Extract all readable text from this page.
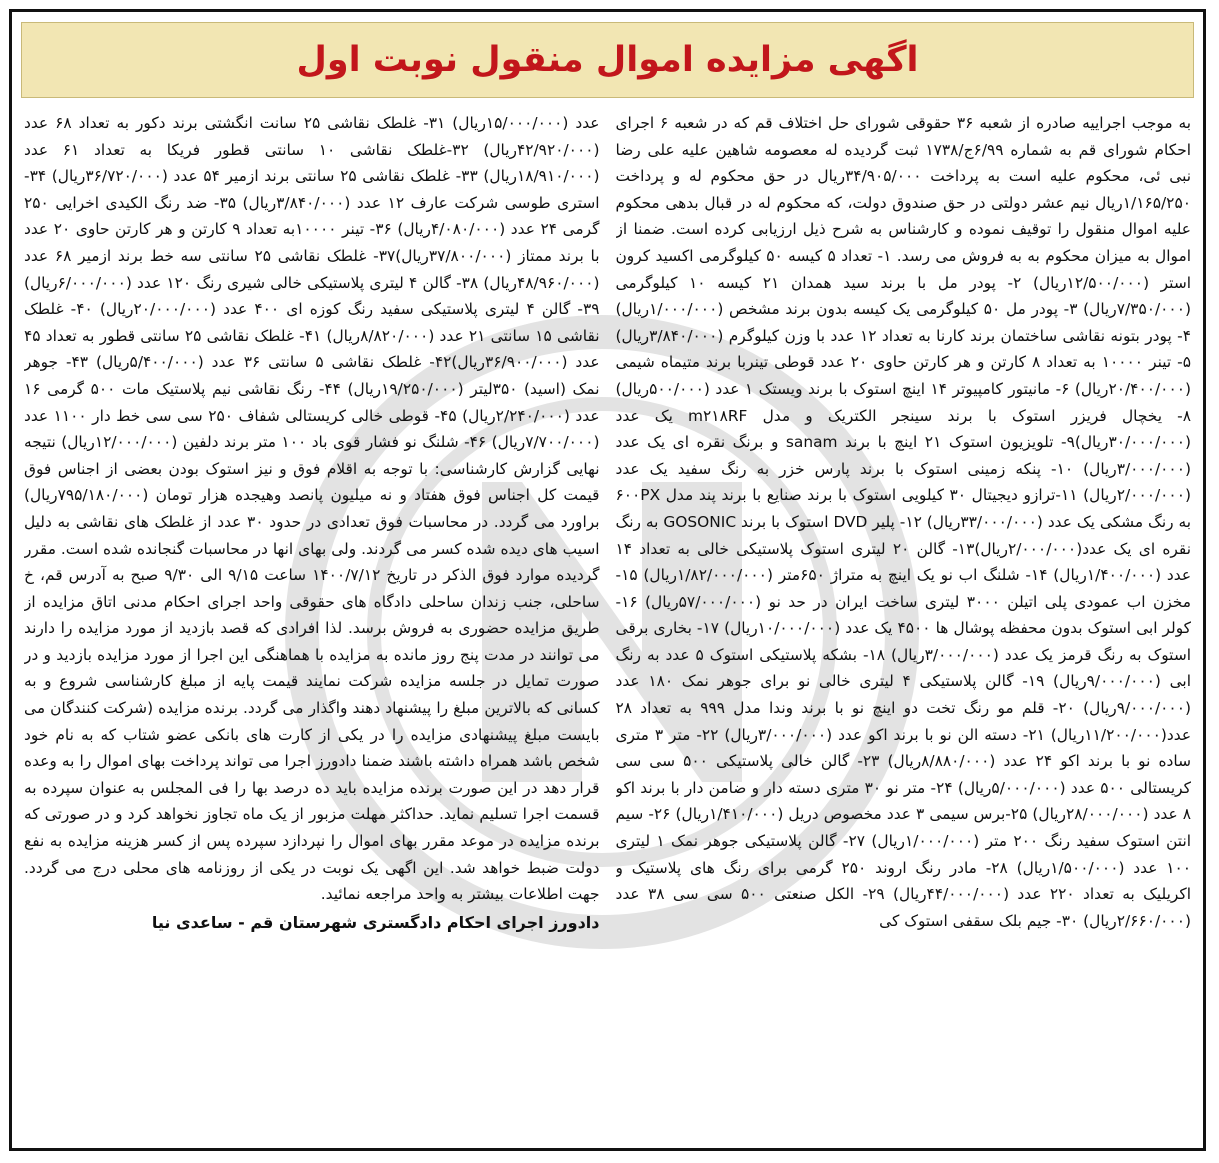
اگهی مزایده اموال منقول نوبت اول

به موجب اجراییه صادره از شعبه ۳۶ حقوقی شورای حل اختلاف قم که در شعبه ۶ اجرای احکام شورای قم به شماره ۶/۹۹ج/۱۷۳۸ ثبت گردیده له معصومه شاهین علیه علی رضا نبی ئی، محکوم علیه است به پرداخت ۳۴/۹۰۵/۰۰۰ریال در حق محکوم له و پرداخت ۱/۱۶۵/۲۵۰ریال نیم عشر دولتی در حق صندوق دولت، که محکوم له در قبال بدهی محکوم علیه اموال منقول را توقیف نموده و کارشناس به شرح ذیل ارزیابی کرده است. ضمنا از اموال به میزان محکوم به به فروش می رسد. ۱- تعداد ۵ کیسه ۵۰ کیلوگرمی اکسید کرون استر (۱۲/۵۰۰/۰۰۰ریال) ۲- پودر مل با برند سید همدان ۲۱ کیسه ۱۰ کیلوگرمی (۷/۳۵۰/۰۰۰ریال) ۳- پودر مل ۵۰ کیلوگرمی یک کیسه بدون برند مشخص (۱/۰۰۰/۰۰۰ریال) ۴- پودر بتونه نقاشی ساختمان برند کارنا به تعداد ۱۲ عدد با وزن کیلوگرم (۳/۸۴۰/۰۰۰ریال) ۵- تینر ۱۰۰۰۰ به تعداد ۸ کارتن و هر کارتن حاوی ۲۰ عدد قوطی تینربا برند متیماه شیمی (۲۰/۴۰۰/۰۰۰ریال) ۶- مانیتور کامپیوتر ۱۴ اینچ استوک با برند ویستک ۱ عدد (۵۰۰/۰۰۰ریال) ۸- یخچال فریزر استوک با برند سینجر الکتریک و مدل m۲۱۸RF یک عدد (۳۰/۰۰۰/۰۰۰ریال)۹- تلویزیون استوک ۲۱ اینچ با برند sanam و برنگ نقره ای یک عدد (۳/۰۰۰/۰۰۰ریال) ۱۰- پنکه زمینی استوک با برند پارس خزر به رنگ سفید یک عدد (۲/۰۰۰/۰۰۰ریال) ۱۱-ترازو دیجیتال ۳۰ کیلویی استوک با برند صنایع با برند پند مدل ۶۰۰PX به رنگ مشکی یک عدد (۳۳/۰۰۰/۰۰۰ریال) ۱۲- پلیر DVD استوک با برند GOSONIC به رنگ نقره ای یک عدد(۲/۰۰۰/۰۰۰ریال)۱۳- گالن ۲۰ لیتری استوک پلاستیکی خالی به تعداد ۱۴ عدد (۱/۴۰۰/۰۰۰ریال) ۱۴- شلنگ اب نو یک اینچ به متراژ ۶۵۰متر (۱/۸۲/۰۰۰/۰۰۰ریال) ۱۵- مخزن اب عمودی پلی اتیلن ۳۰۰۰ لیتری ساخت ایران در حد نو (۵۷/۰۰۰/۰۰۰ریال) ۱۶- کولر ابی استوک بدون محفظه پوشال ها ۴۵۰۰ یک عدد (۱۰/۰۰۰/۰۰۰ریال) ۱۷- بخاری برقی استوک به رنگ قرمز یک عدد (۳/۰۰۰/۰۰۰ریال) ۱۸- بشکه پلاستیکی استوک ۵ عدد به رنگ ابی (۹/۰۰۰/۰۰۰ریال) ۱۹- گالن پلاستیکی ۴ لیتری خالی نو برای جوهر نمک ۱۸۰ عدد (۹/۰۰۰/۰۰۰ریال) ۲۰- قلم مو رنگ تخت دو اینچ نو با برند وندا مدل ۹۹۹ به تعداد ۲۸ عدد(۱۱/۲۰۰/۰۰۰ریال) ۲۱- دسته الن نو با برند اکو عدد (۳/۰۰۰/۰۰۰ریال) ۲۲- متر ۳ متری ساده نو با برند اکو ۲۴ عدد (۸/۸۸۰/۰۰۰ریال) ۲۳- گالن خالی پلاستیکی ۵۰۰ سی سی کریستالی ۵۰۰ عدد (۵/۰۰۰/۰۰۰ریال) ۲۴- متر نو ۳۰ متری دسته دار و ضامن دار با برند اکو ۸ عدد (۲۸/۰۰۰/۰۰۰ریال) ۲۵-برس سیمی ۳ عدد مخصوص دریل (۱/۴۱۰/۰۰۰ریال) ۲۶- سیم انتن استوک سفید رنگ ۲۰۰ متر (۱/۰۰۰/۰۰۰ریال) ۲۷- گالن پلاستیکی جوهر نمک ۱ لیتری ۱۰۰ عدد (۱/۵۰۰/۰۰۰ریال) ۲۸- مادر رنگ اروند ۲۵۰ گرمی برای رنگ های پلاستیک و اکریلیک به تعداد ۲۲۰ عدد (۴۴/۰۰۰/۰۰۰ریال) ۲۹- الکل صنعتی ۵۰۰ سی سی ۳۸ عدد (۲/۶۶۰/۰۰۰ریال) ۳۰- جیم بلک سقفی استوک کی

عدد (۱۵/۰۰۰/۰۰۰ریال) ۳۱- غلطک نقاشی ۲۵ سانت انگشتی برند دکور به تعداد ۶۸ عدد (۴۲/۹۲۰/۰۰۰ریال) ۳۲-غلطک نقاشی ۱۰ سانتی قطور فریکا به تعداد ۶۱ عدد (۱۸/۹۱۰/۰۰۰ریال) ۳۳- غلطک نقاشی ۲۵ سانتی برند ازمیر ۵۴ عدد (۳۶/۷۲۰/۰۰۰ریال) ۳۴- استری طوسی شرکت عارف ۱۲ عدد (۳/۸۴۰/۰۰۰ریال) ۳۵- ضد رنگ الکیدی اخرایی ۲۵۰ گرمی ۲۴ عدد (۴/۰۸۰/۰۰۰ریال) ۳۶- تینر ۱۰۰۰۰به تعداد ۹ کارتن و هر کارتن حاوی ۲۰ عدد با برند ممتاز (۳۷/۸۰۰/۰۰۰ریال)۳۷- غلطک نقاشی ۲۵ سانتی سه خط برند ازمیر ۶۸ عدد (۴۸/۹۶۰/۰۰۰ریال) ۳۸- گالن ۴ لیتری پلاستیکی خالی شیری رنگ ۱۲۰ عدد (۶/۰۰۰/۰۰۰ریال) ۳۹- گالن ۴ لیتری پلاستیکی سفید رنگ کوزه ای ۴۰۰ عدد (۲۰/۰۰۰/۰۰۰ریال) ۴۰- غلطک نقاشی ۱۵ سانتی ۲۱ عدد (۸/۸۲۰/۰۰۰ریال) ۴۱- غلطک نقاشی ۲۵ سانتی قطور به تعداد ۴۵ عدد (۳۶/۹۰۰/۰۰۰ریال)۴۲- غلطک نقاشی ۵ سانتی ۳۶ عدد (۵/۴۰۰/۰۰۰ریال) ۴۳- جوهر نمک (اسید) ۳۵۰لیتر (۱۹/۲۵۰/۰۰۰ریال) ۴۴- رنگ نقاشی نیم پلاستیک مات ۵۰۰ گرمی ۱۶ عدد (۲/۲۴۰/۰۰۰ریال) ۴۵- قوطی خالی کریستالی شفاف ۲۵۰ سی سی خط دار ۱۱۰۰ عدد (۷/۷۰۰/۰۰۰ریال) ۴۶- شلنگ نو فشار قوی باد ۱۰۰ متر برند دلفین (۱۲/۰۰۰/۰۰۰ریال) نتیجه نهایی گزارش کارشناسی: با توجه به اقلام فوق و نیز استوک بودن بعضی از اجناس فوق قیمت کل اجناس فوق هفتاد و نه میلیون پانصد وهیجده هزار تومان (۷۹۵/۱۸۰/۰۰۰ریال) براورد می گردد. در محاسبات فوق تعدادی در حدود ۳۰ عدد از غلطک های نقاشی به دلیل اسیب های دیده شده کسر می گردند. ولی بهای انها در محاسبات گنجانده شده است. مقرر گردیده موارد فوق الذکر در تاریخ ۱۴۰۰/۷/۱۲ ساعت ۹/۱۵ الی ۹/۳۰ صبح به آدرس قم، خ ساحلی، جنب زندان ساحلی دادگاه های حقوقی واحد اجرای احکام مدنی اتاق مزایده از طریق مزایده حضوری به فروش برسد. لذا افرادی که قصد بازدید از مورد مزایده را دارند می توانند در مدت پنج روز مانده به مزایده با هماهنگی این اجرا از مورد مزایده بازدید و در صورت تمایل در جلسه مزایده شرکت نمایند قیمت پایه از مبلغ کارشناسی شروع و به کسانی که بالاترین مبلغ را پیشنهاد دهند واگذار می گردد. برنده مزایده (شرکت کنندگان می بایست مبلغ پیشنهادی مزایده را در یکی از کارت های بانکی عضو شتاب که به نام خود شخص باشد همراه داشته باشند ضمنا دادورز اجرا می تواند پرداخت بهای اموال را به وعده قرار دهد در این صورت برنده مزایده باید ده درصد بها را فی المجلس به عنوان سپرده به قسمت اجرا تسلیم نماید. حداکثر مهلت مزبور از یک ماه تجاوز نخواهد کرد و در صورتی که برنده مزایده در موعد مقرر بهای اموال را نپردازد سپرده پس از کسر هزینه مزایده به نفع دولت ضبط خواهد شد. این اگهی یک نوبت در یکی از روزنامه های محلی درج می گردد. جهت اطلاعات بیشتر به واحد مراجعه نمائید.

دادورز اجرای احکام دادگستری شهرستان قم - ساعدی نیا
